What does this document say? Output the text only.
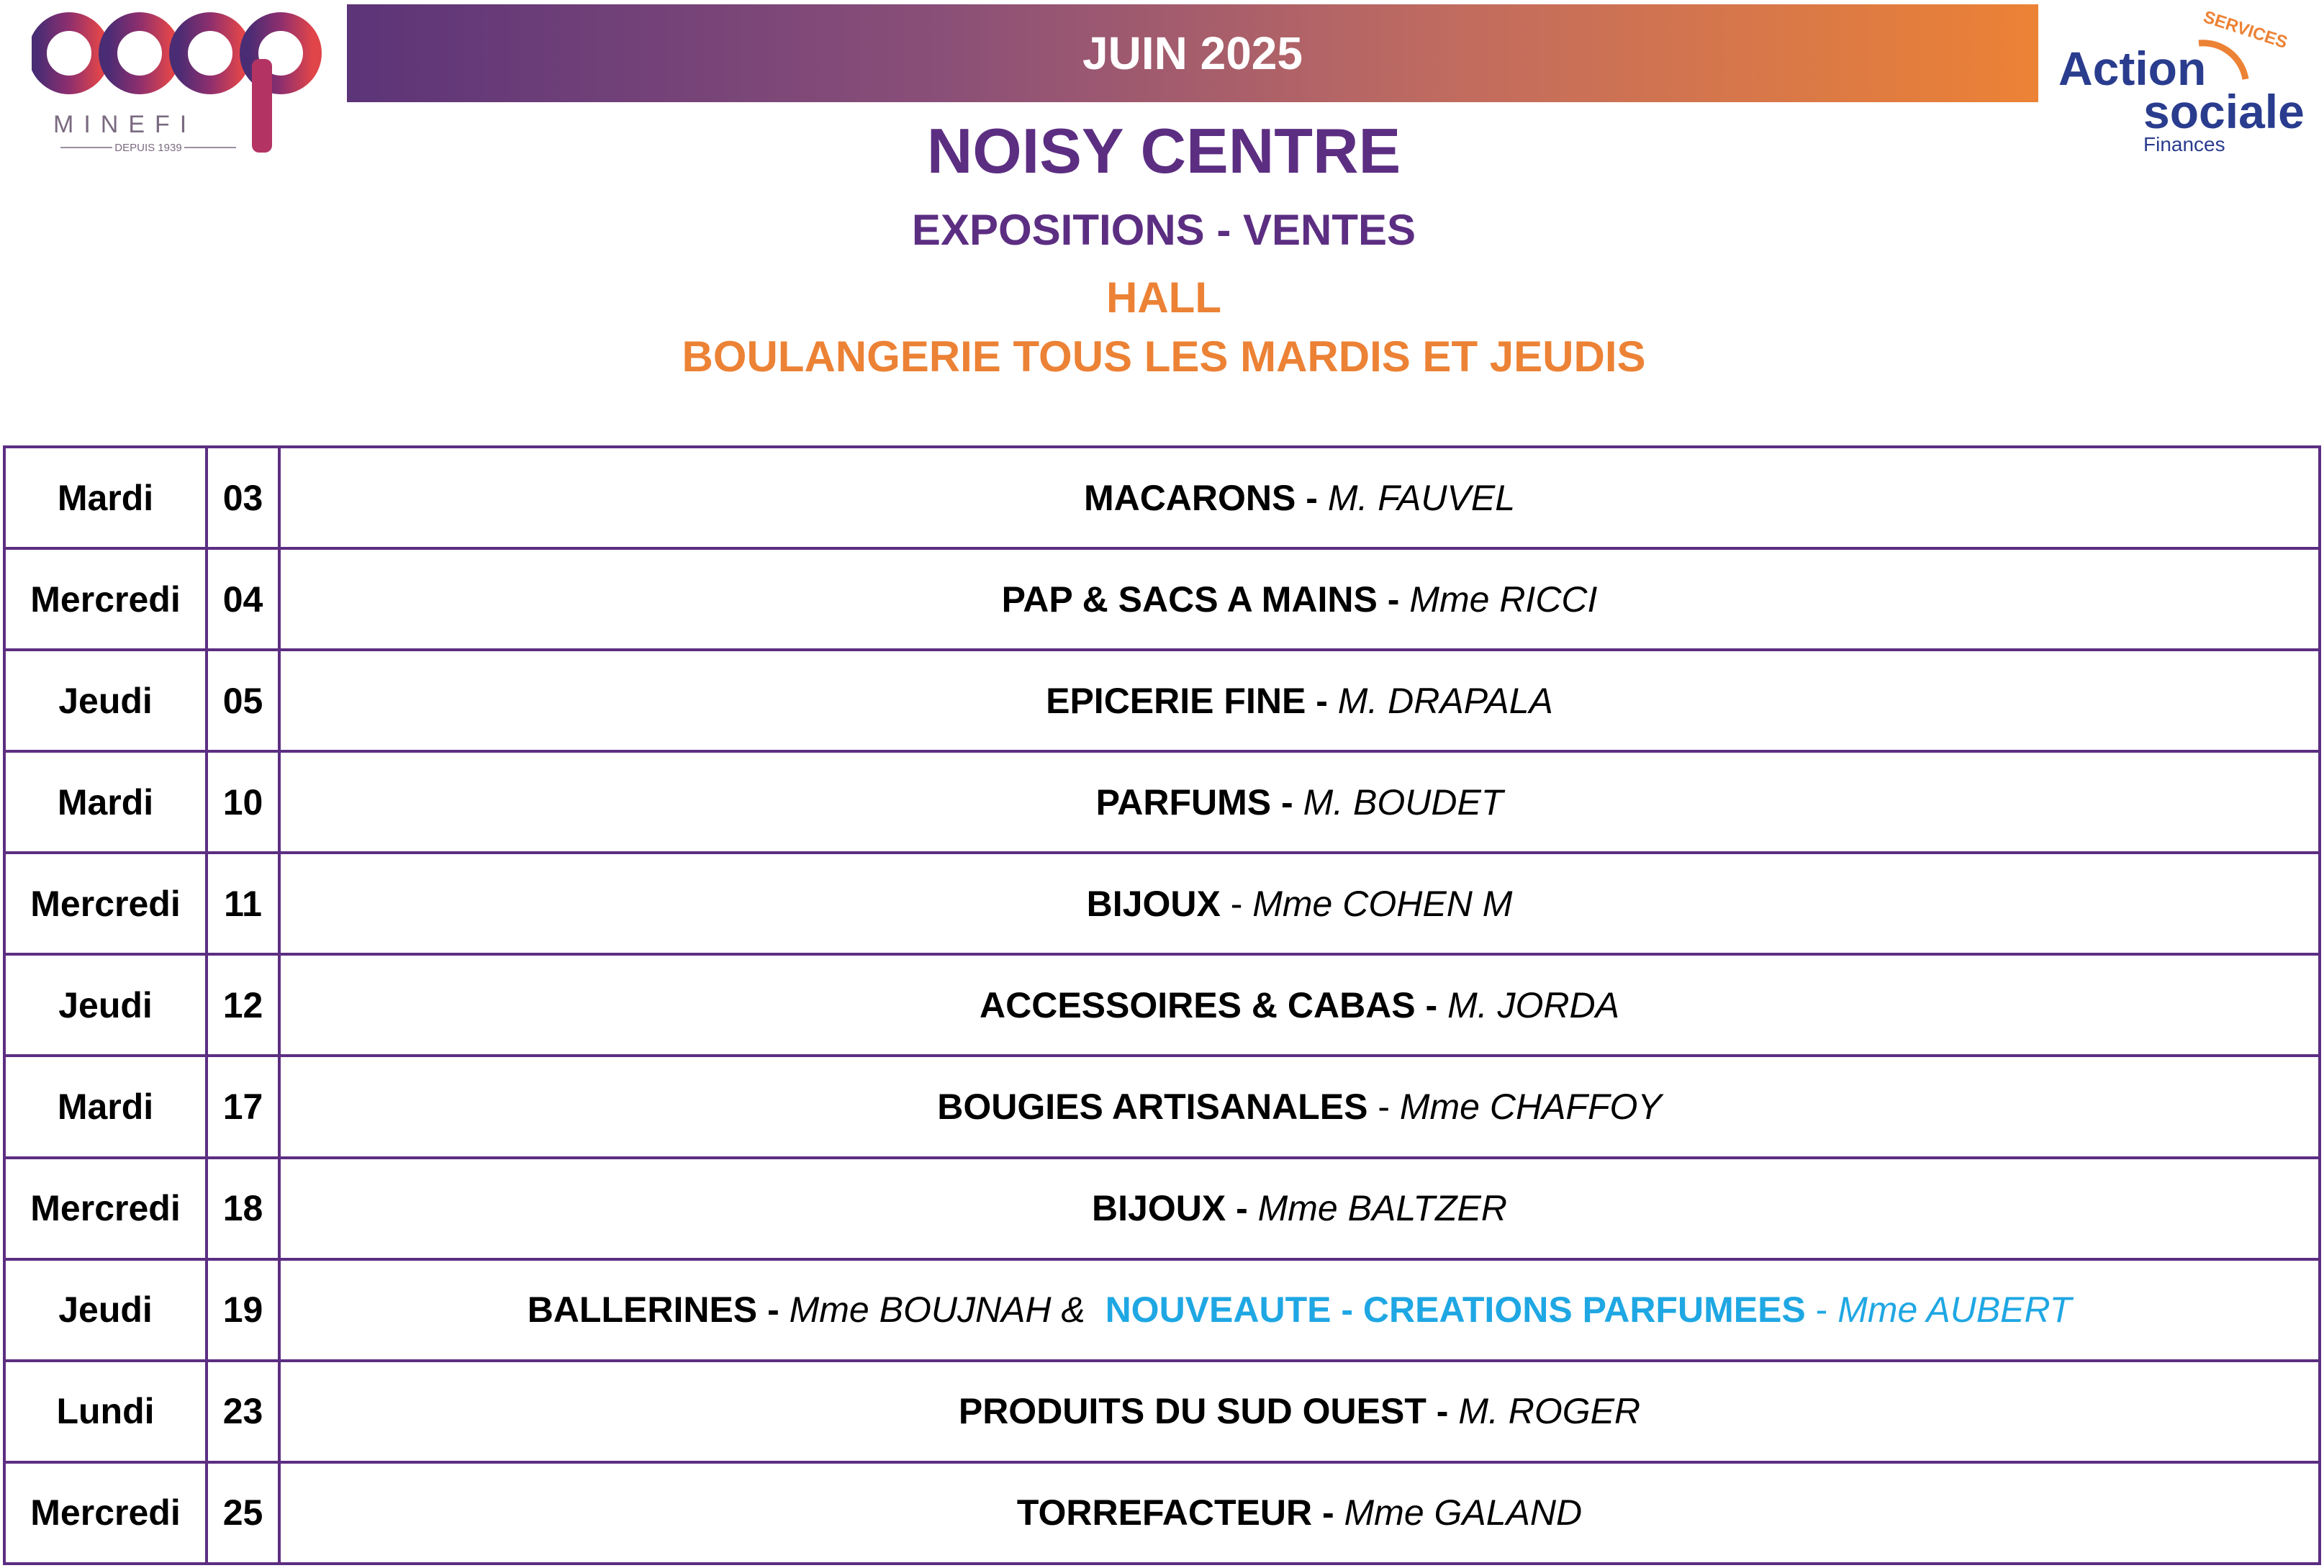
MINEFI
DEPUIS 1939
JUIN 2025	SERVICES
Action
sociale
Finances
NOISY CENTRE
EXPOSITIONS - VENTES
HALL
BOULANGERIE TOUS LES MARDIS ET JEUDIS
Mardi	03	MACARONS - M. FAUVEL
Mercredi	04	PAP & SACS A MAINS - Mme RICCI
Jeudi	05	EPICERIE FINE - M. DRAPALA
Mardi	10	PARFUMS - M. BOUDET
Mercredi	11	BIJOUX - Mme COHEN M
Jeudi	12	ACCESSOIRES & CABAS - M. JORDA
Mardi	17	BOUGIES ARTISANALES - Mme CHAFFOY
Mercredi	18	BIJOUX - Mme BALTZER
Jeudi	19	BALLERINES - Mme BOUJNAH & NOUVEAUTE - CREATIONS PARFUMEES - Mme AUBERT
Lundi	23	PRODUITS DU SUD OUEST - M. ROGER
Mercredi	25	TORREFACTEUR - Mme GALAND
